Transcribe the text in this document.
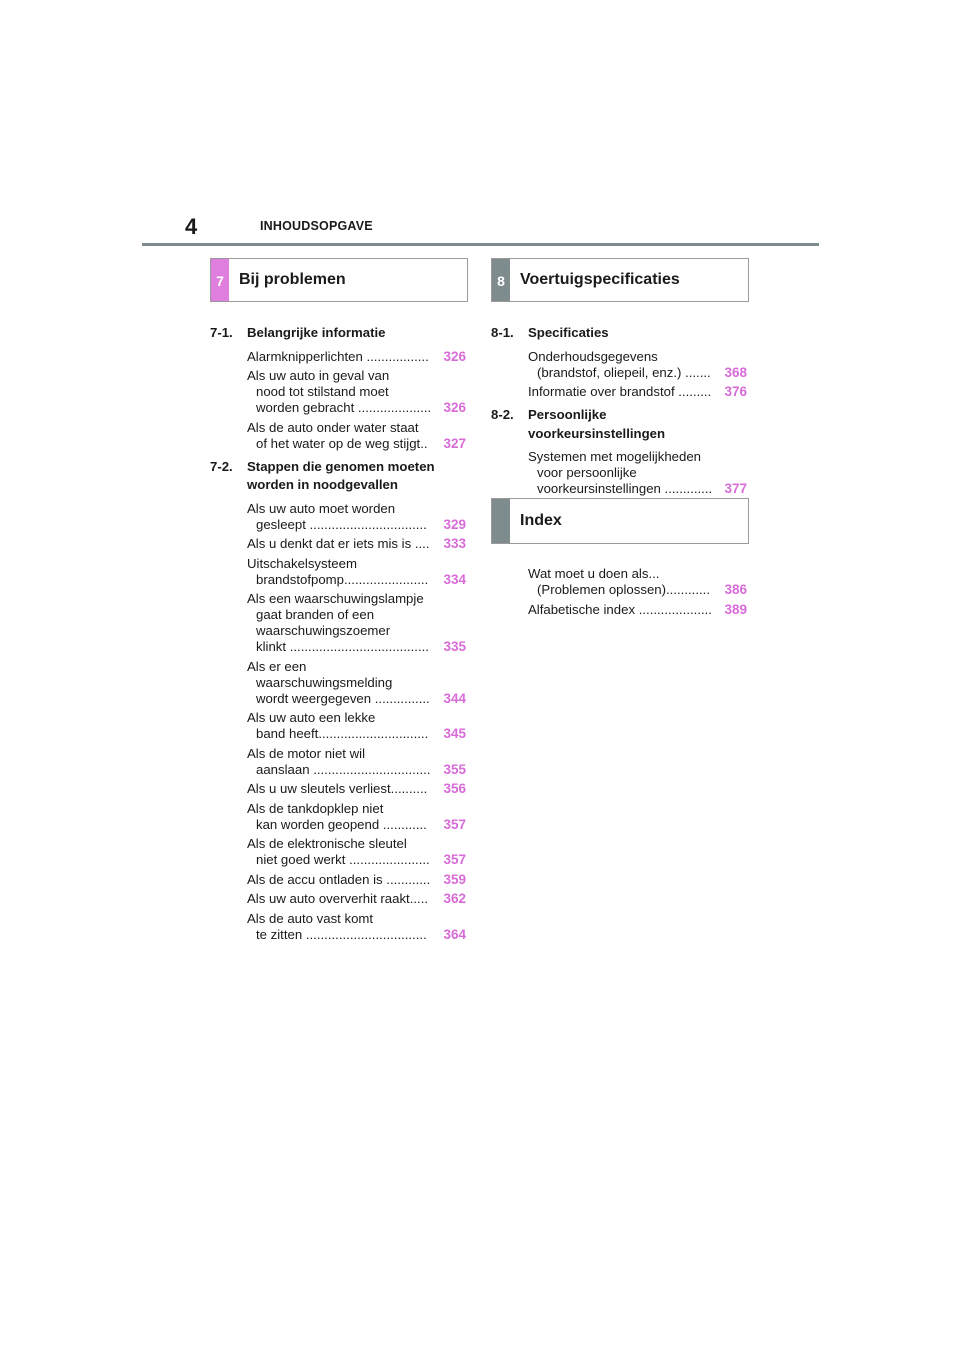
4	INHOUDSOPGAVE
7 Bij problemen	8 Voertuigspecificaties
7-1.	Belangrijke informatie
Alarmknipperlichten ................. 326
Als uw auto in geval van
nood tot stilstand moet
worden gebracht .................... 326
Als de auto onder water staat
of het water op de weg stijgt.. 327
7-2.	Stappen die genomen moeten worden in noodgevallen
Als uw auto moet worden
gesleept ................................	329
Als u denkt dat er iets mis is .... 333
Uitschakelsysteem
brandstofpomp....................... 334
Als een waarschuwingslampje
gaat branden of een
waarschuwingszoemer
klinkt ...................................... 335
Als er een
waarschuwingsmelding
wordt weergegeven ............... 344
Als uw auto een lekke
band heeft.............................. 345
Als de motor niet wil
aanslaan ................................ 355
Als u uw sleutels verliest.......... 356
Als de tankdopklep niet
kan worden geopend ............	357
Als de elektronische sleutel
niet goed werkt ...................... 357
Als de accu ontladen is ............ 359
Als uw auto oververhit raakt..... 362
Als de auto vast komt
te zitten .................................	364
8-1.	Specificaties
Onderhoudsgegevens
(brandstof, oliepeil, enz.) ....... 368
Informatie over brandstof ......... 376
8-2.	Persoonlijke voorkeursinstellingen
Systemen met mogelijkheden
voor persoonlijke
voorkeursinstellingen ............. 377
Index
Wat moet u doen als...
(Problemen oplossen)............ 386
Alfabetische index .................... 389
